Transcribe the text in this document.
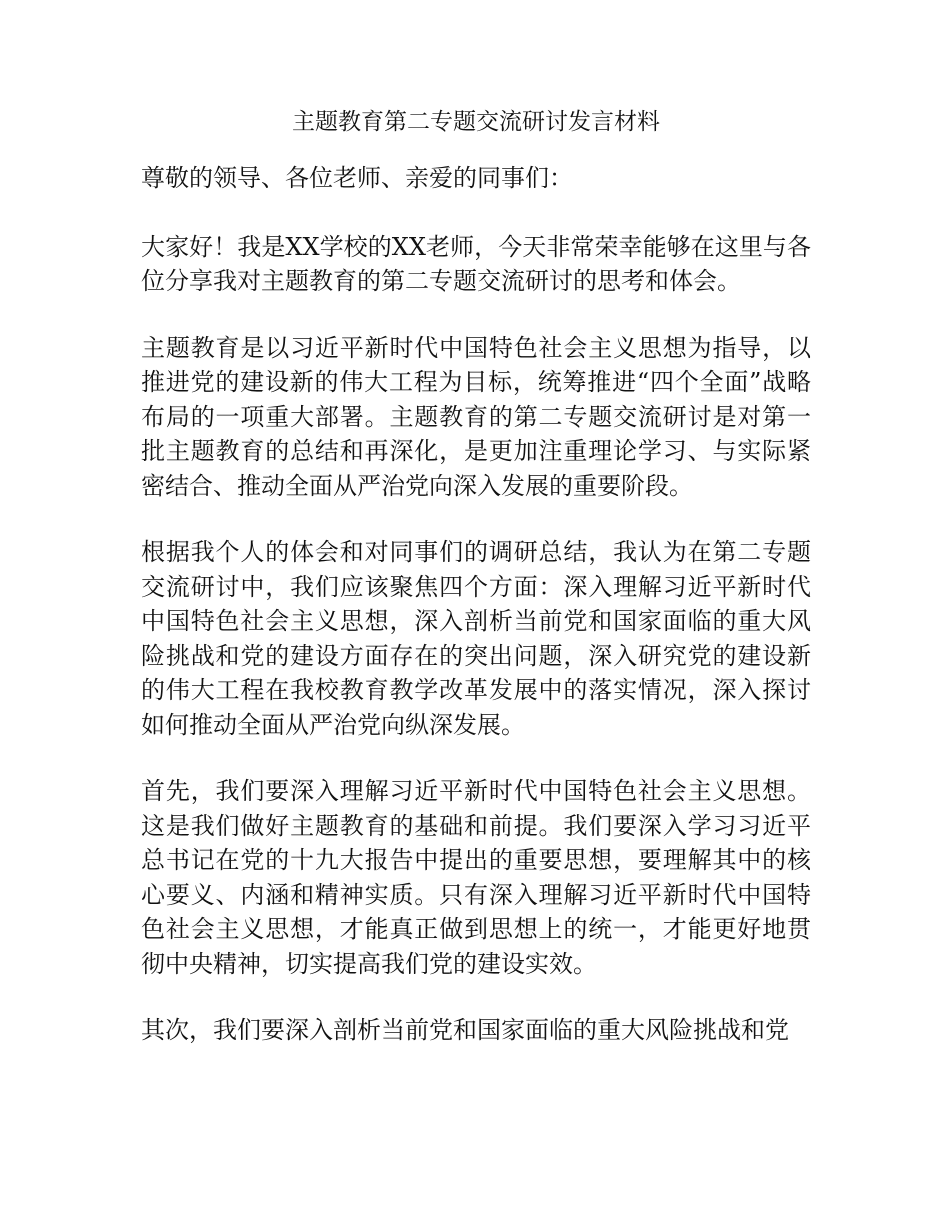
主题教育第二专题交流研讨发言材料

尊敬的领导、各位老师、亲爱的同事们：

大家好！我是XX学校的XX老师，今天非常荣幸能够在这里与各位分享我对主题教育的第二专题交流研讨的思考和体会。

主题教育是以习近平新时代中国特色社会主义思想为指导，以推进党的建设新的伟大工程为目标，统筹推进“四个全面”战略布局的一项重大部署。主题教育的第二专题交流研讨是对第一批主题教育的总结和再深化，是更加注重理论学习、与实际紧密结合、推动全面从严治党向深入发展的重要阶段。

根据我个人的体会和对同事们的调研总结，我认为在第二专题交流研讨中，我们应该聚焦四个方面：深入理解习近平新时代中国特色社会主义思想，深入剖析当前党和国家面临的重大风险挑战和党的建设方面存在的突出问题，深入研究党的建设新的伟大工程在我校教育教学改革发展中的落实情况，深入探讨如何推动全面从严治党向纵深发展。

首先，我们要深入理解习近平新时代中国特色社会主义思想。这是我们做好主题教育的基础和前提。我们要深入学习习近平总书记在党的十九大报告中提出的重要思想，要理解其中的核心要义、内涵和精神实质。只有深入理解习近平新时代中国特色社会主义思想，才能真正做到思想上的统一，才能更好地贯彻中央精神，切实提高我们党的建设实效。

其次，我们要深入剖析当前党和国家面临的重大风险挑战和党
